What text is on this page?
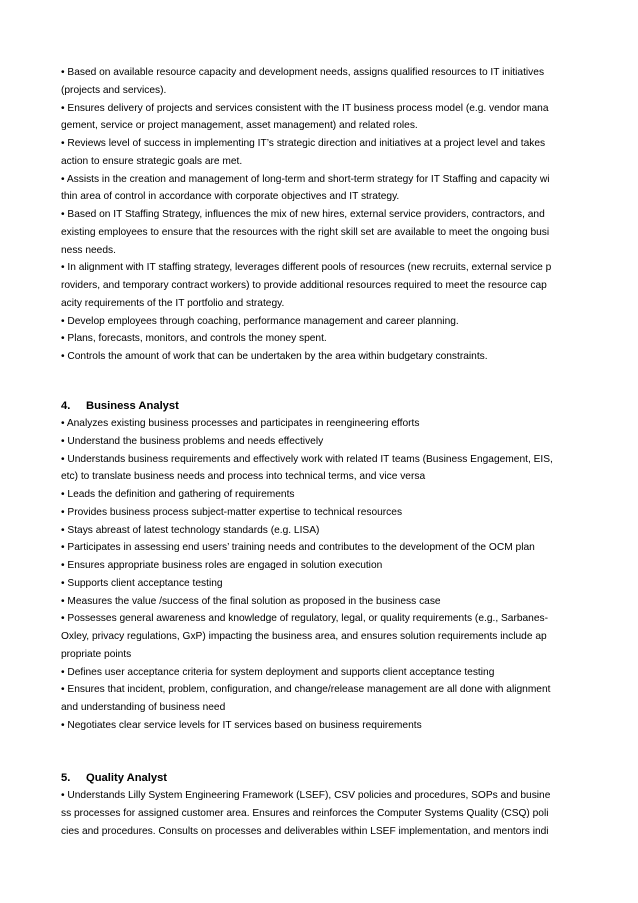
• Based on available resource capacity and development needs, assigns qualified resources to IT initiatives
(projects and services).
• Ensures delivery of projects and services consistent with the IT business process model (e.g. vendor mana
gement, service or project management, asset management) and related roles.
• Reviews level of success in implementing IT’s strategic direction and initiatives at a project level and takes
action to ensure strategic goals are met.
• Assists in the creation and management of long-term and short-term strategy for IT Staffing and capacity wi
thin area of control in accordance with corporate objectives and IT strategy.
• Based on IT Staffing Strategy, influences the mix of new hires, external service providers, contractors, and
existing employees to ensure that the resources with the right skill set are available to meet the ongoing busi
ness needs.
• In alignment with IT staffing strategy, leverages different pools of resources (new recruits, external service p
roviders, and temporary contract workers) to provide additional resources required to meet the resource cap
acity requirements of the IT portfolio and strategy.
• Develop employees through coaching, performance management and career planning.
• Plans, forecasts, monitors, and controls the money spent.
• Controls the amount of work that can be undertaken by the area within budgetary constraints.
4. Business Analyst
• Analyzes existing business processes and participates in reengineering efforts
• Understand the business problems and needs effectively
• Understands business requirements and effectively work with related IT teams (Business Engagement, EIS,
etc) to translate business needs and process into technical terms, and vice versa
• Leads the definition and gathering of requirements
• Provides business process subject-matter expertise to technical resources
• Stays abreast of latest technology standards (e.g. LISA)
• Participates in assessing end users’ training needs and contributes to the development of the OCM plan
• Ensures appropriate business roles are engaged in solution execution
• Supports client acceptance testing
• Measures the value /success of the final solution as proposed in the business case
• Possesses general awareness and knowledge of regulatory, legal, or quality requirements (e.g., Sarbanes-
Oxley, privacy regulations, GxP) impacting the business area, and ensures solution requirements include ap
propriate points
• Defines user acceptance criteria for system deployment and supports client acceptance testing
• Ensures that incident, problem, configuration, and change/release management are all done with alignment
and understanding of business need
• Negotiates clear service levels for IT services based on business requirements
5. Quality Analyst
• Understands Lilly System Engineering Framework (LSEF), CSV policies and procedures, SOPs and busine
ss processes for assigned customer area. Ensures and reinforces the Computer Systems Quality (CSQ) poli
cies and procedures. Consults on processes and deliverables within LSEF implementation, and mentors indi
